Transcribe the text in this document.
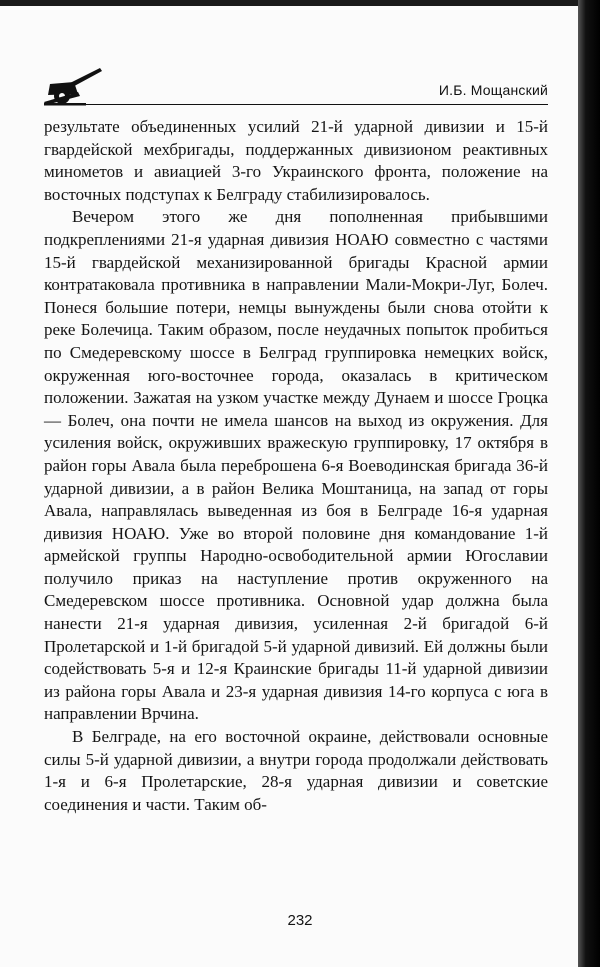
И.Б. Мощанский

результате объединенных усилий 21-й ударной дивизии и 15-й гвардейской мехбригады, поддержанных дивизионом реактивных минометов и авиацией 3-го Украинского фронта, положение на восточных подступах к Белграду стабилизировалось.

Вечером этого же дня пополненная прибывшими подкреплениями 21-я ударная дивизия НОАЮ совместно с частями 15-й гвардейской механизированной бригады Красной армии контратаковала противника в направлении Мали-Мокри-Луг, Болеч. Понеся большие потери, немцы вынуждены были снова отойти к реке Болечица. Таким образом, после неудачных попыток пробиться по Смедеревскому шоссе в Белград группировка немецких войск, окруженная юго-восточнее города, оказалась в критическом положении. Зажатая на узком участке между Дунаем и шоссе Гроцка — Болеч, она почти не имела шансов на выход из окружения. Для усиления войск, окруживших вражескую группировку, 17 октября в район горы Авала была переброшена 6-я Воеводинская бригада 36-й ударной дивизии, а в район Велика Моштаница, на запад от горы Авала, направлялась выведенная из боя в Белграде 16-я ударная дивизия НОАЮ. Уже во второй половине дня командование 1-й армейской группы Народно-освободительной армии Югославии получило приказ на наступление против окруженного на Смедеревском шоссе противника. Основной удар должна была нанести 21-я ударная дивизия, усиленная 2-й бригадой 6-й Пролетарской и 1-й бригадой 5-й ударной дивизий. Ей должны были содействовать 5-я и 12-я Краинские бригады 11-й ударной дивизии из района горы Авала и 23-я ударная дивизия 14-го корпуса с юга в направлении Врчина.

В Белграде, на его восточной окраине, действовали основные силы 5-й ударной дивизии, а внутри города продолжали действовать 1-я и 6-я Пролетарские, 28-я ударная дивизии и советские соединения и части. Таким об-

232
